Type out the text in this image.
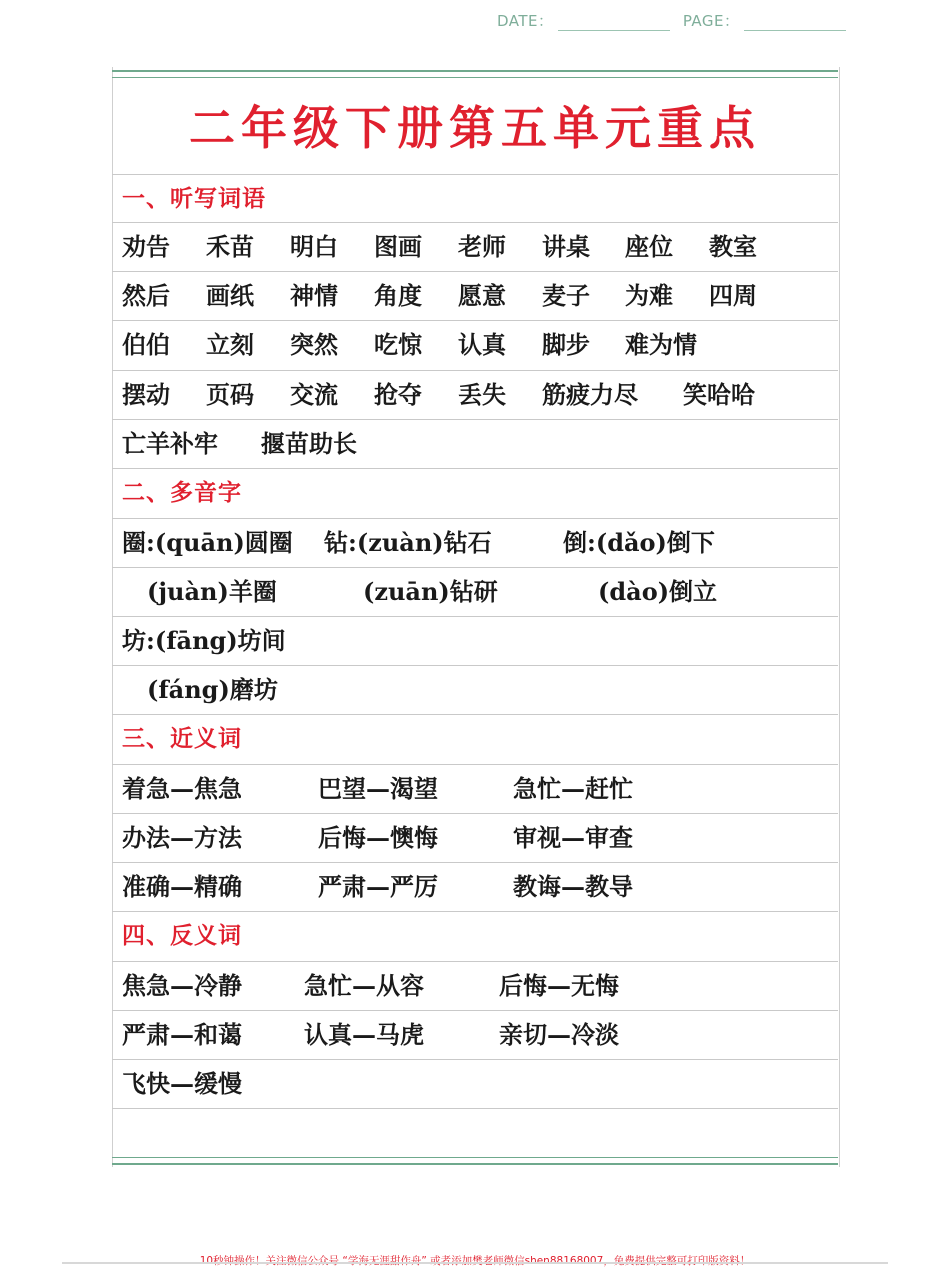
DATE：	PAGE：
二年级下册第五单元重点
一、听写词语
劝告 禾苗 明白 图画 老师 讲桌 座位 教室
然后 画纸 神情 角度 愿意 麦子 为难 四周
伯伯 立刻 突然 吃惊 认真 脚步 难为情
摆动 页码 交流 抢夺 丢失 筋疲力尽 笑哈哈
亡羊补牢 揠苗助长
二、多音字
圈:(quān)圆圈 钻:(zuàn)钻石	倒:(dǎo)倒下
(juàn)羊圈	(zuān)钻研	(dào)倒立
坊:(fāng)坊间
(fáng)磨坊
三、近义词
着急—焦急	巴望—渴望	急忙—赶忙
办法—方法	后悔—懊悔	审视—审查
准确—精确	严肃—严厉	教诲—教导
四、反义词
焦急—冷静	急忙—从容	后悔—无悔
严肃—和蔼	认真—马虎	亲切—冷淡
飞快—缓慢
10秒钟操作！关注微信公众号 “学海无涯甜作舟” 或者添加樊老师微信shen88168007，免费提供完整可打印版资料！
